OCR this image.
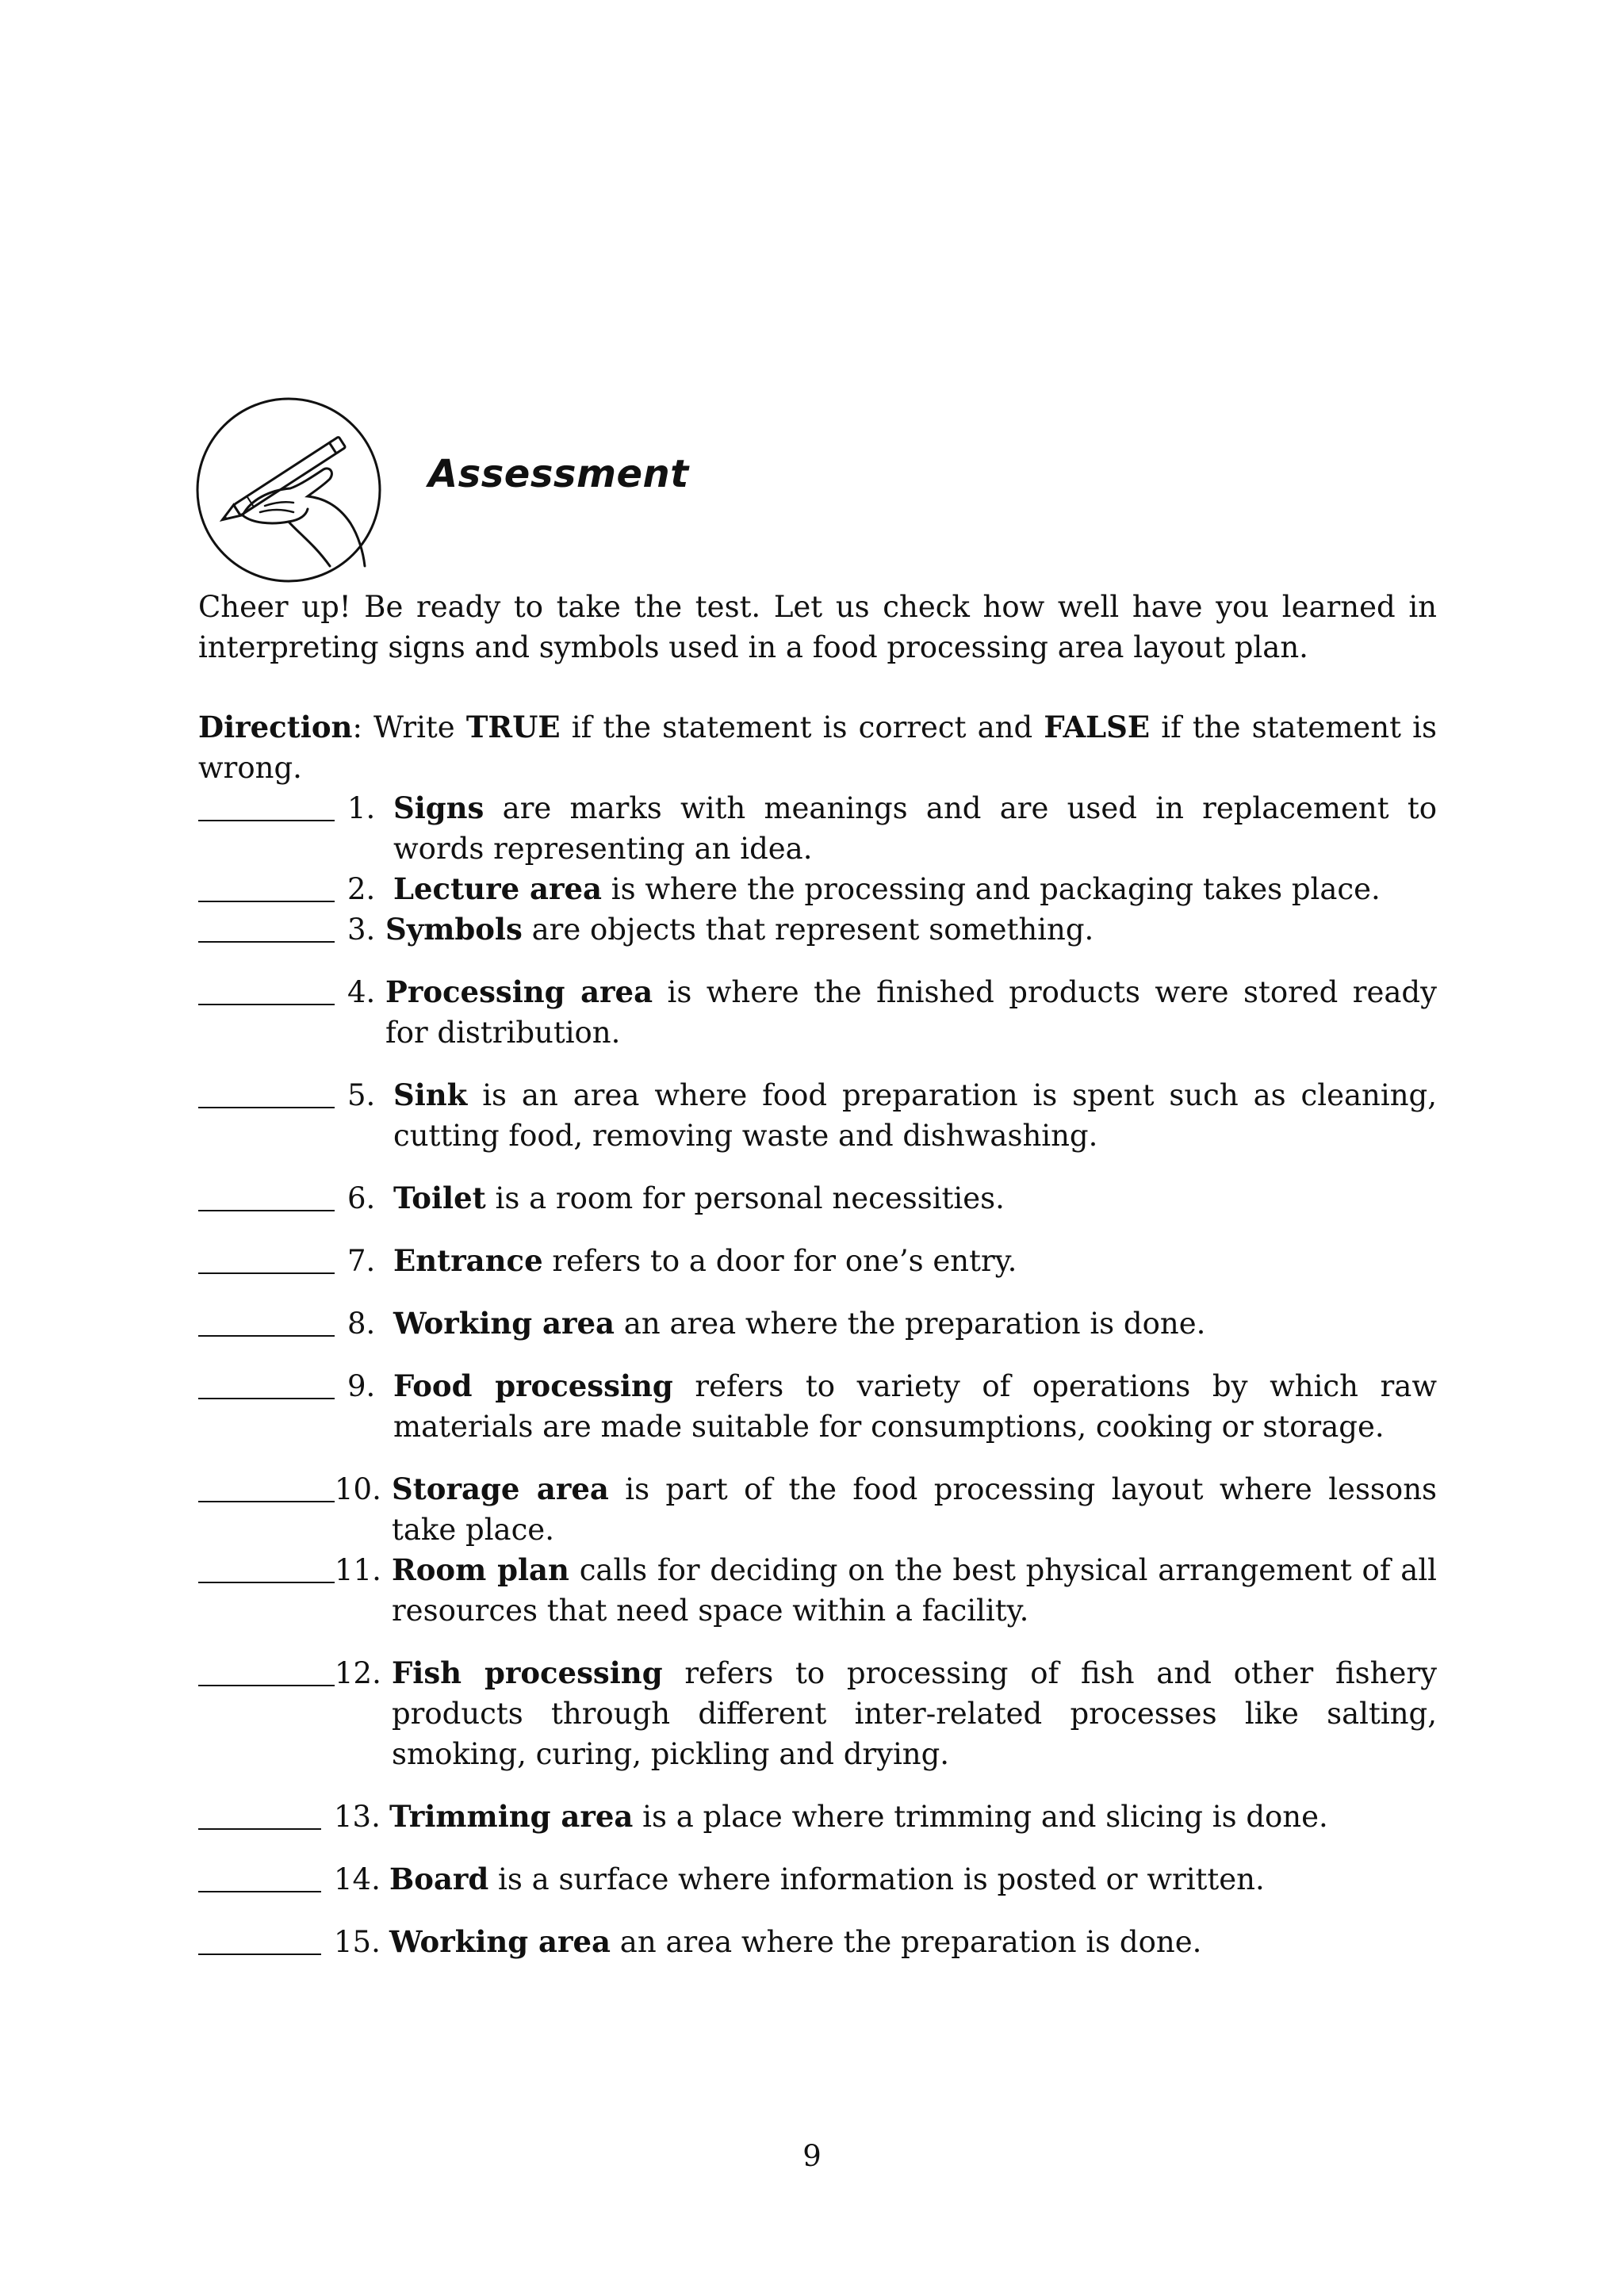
Assessment

Cheer up! Be ready to take the test. Let us check how well have you learned in interpreting signs and symbols used in a food processing area layout plan.

Direction: Write TRUE if the statement is correct and FALSE if the statement is wrong.

1. Signs are marks with meanings and are used in replacement to words representing an idea.
2. Lecture area is where the processing and packaging takes place.
3. Symbols are objects that represent something.
4. Processing area is where the finished products were stored ready for distribution.
5. Sink is an area where food preparation is spent such as cleaning, cutting food, removing waste and dishwashing.
6. Toilet is a room for personal necessities.
7. Entrance refers to a door for one’s entry.
8. Working area an area where the preparation is done.
9. Food processing refers to variety of operations by which raw materials are made suitable for consumptions, cooking or storage.
10. Storage area is part of the food processing layout where lessons take place.
11. Room plan calls for deciding on the best physical arrangement of all resources that need space within a facility.
12. Fish processing refers to processing of fish and other fishery products through different inter-related processes like salting, smoking, curing, pickling and drying.
13. Trimming area is a place where trimming and slicing is done.
14. Board is a surface where information is posted or written.
15. Working area an area where the preparation is done.
9
